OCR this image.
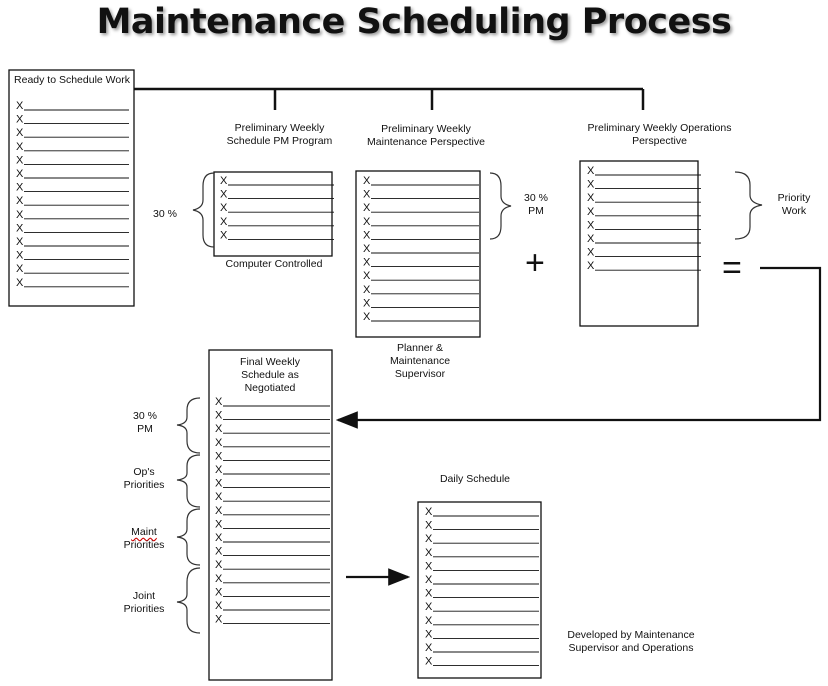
Maintenance Scheduling Process
X
X
X
X
X
X
X
X
X
X
X
X
X
X
X
X
X
X
X
X
X
X
X
X
X
X
X
X
X
X
X
X
X
X
X
X
X
X
X
X
X
X
X
X
X
X
X
X
X
X
X
X
X
X
X
X
X
X
X
X
X
X
X
X
X
X
X
Ready to Schedule Work
Preliminary Weekly Schedule PM Program
Preliminary Weekly Maintenance Perspective
Preliminary Weekly Operations Perspective
Final Weekly Schedule as Negotiated
Daily Schedule
Computer Controlled
Planner & Maintenance Supervisor
Developed by Maintenance Supervisor and Operations
30 %
30 % PM
Priority Work
30 % PM
Op's Priorities
Maint
Priorities
Joint Priorities
+	=
